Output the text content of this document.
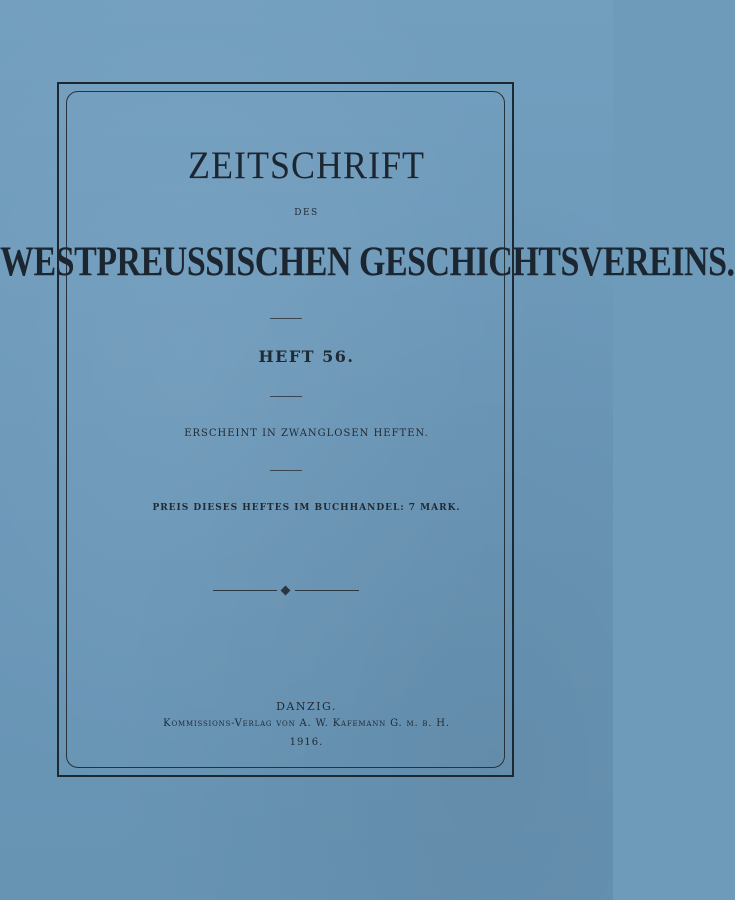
ZEITSCHRIFT
DES
WESTPREUSSISCHEN GESCHICHTSVEREINS.
HEFT 56.
ERSCHEINT IN ZWANGLOSEN HEFTEN.
PREIS DIESES HEFTES IM BUCHHANDEL: 7 MARK.
DANZIG.
Kommissions-Verlag von A. W. Kafemann G. m. b. H.
1916.
